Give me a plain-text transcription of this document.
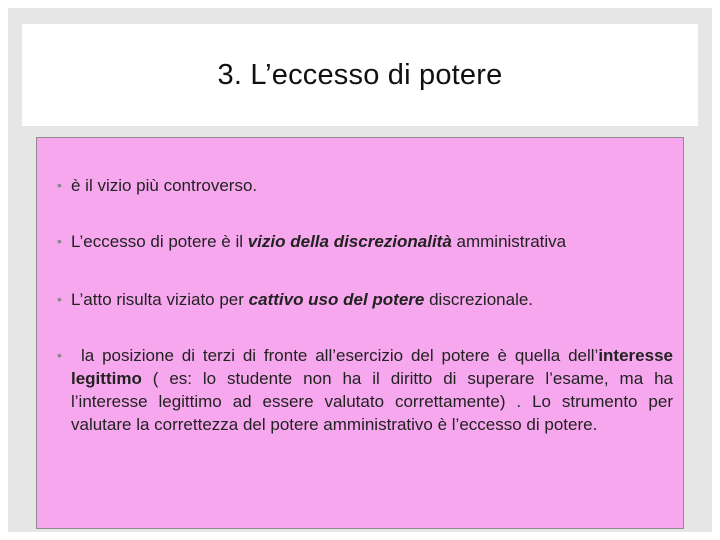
3. L’eccesso di potere
• è il vizio più controverso.
• L’eccesso di potere è il vizio della discrezionalità amministrativa
• L’atto risulta viziato per cattivo uso del potere discrezionale.
•	la posizione di terzi di fronte all’esercizio del potere è quella dell’interesse legittimo ( es: lo studente non ha il diritto di superare l’esame, ma ha l’interesse legittimo ad essere valutato correttamente) . Lo strumento per valutare la correttezza del potere amministrativo è l’eccesso di potere.
